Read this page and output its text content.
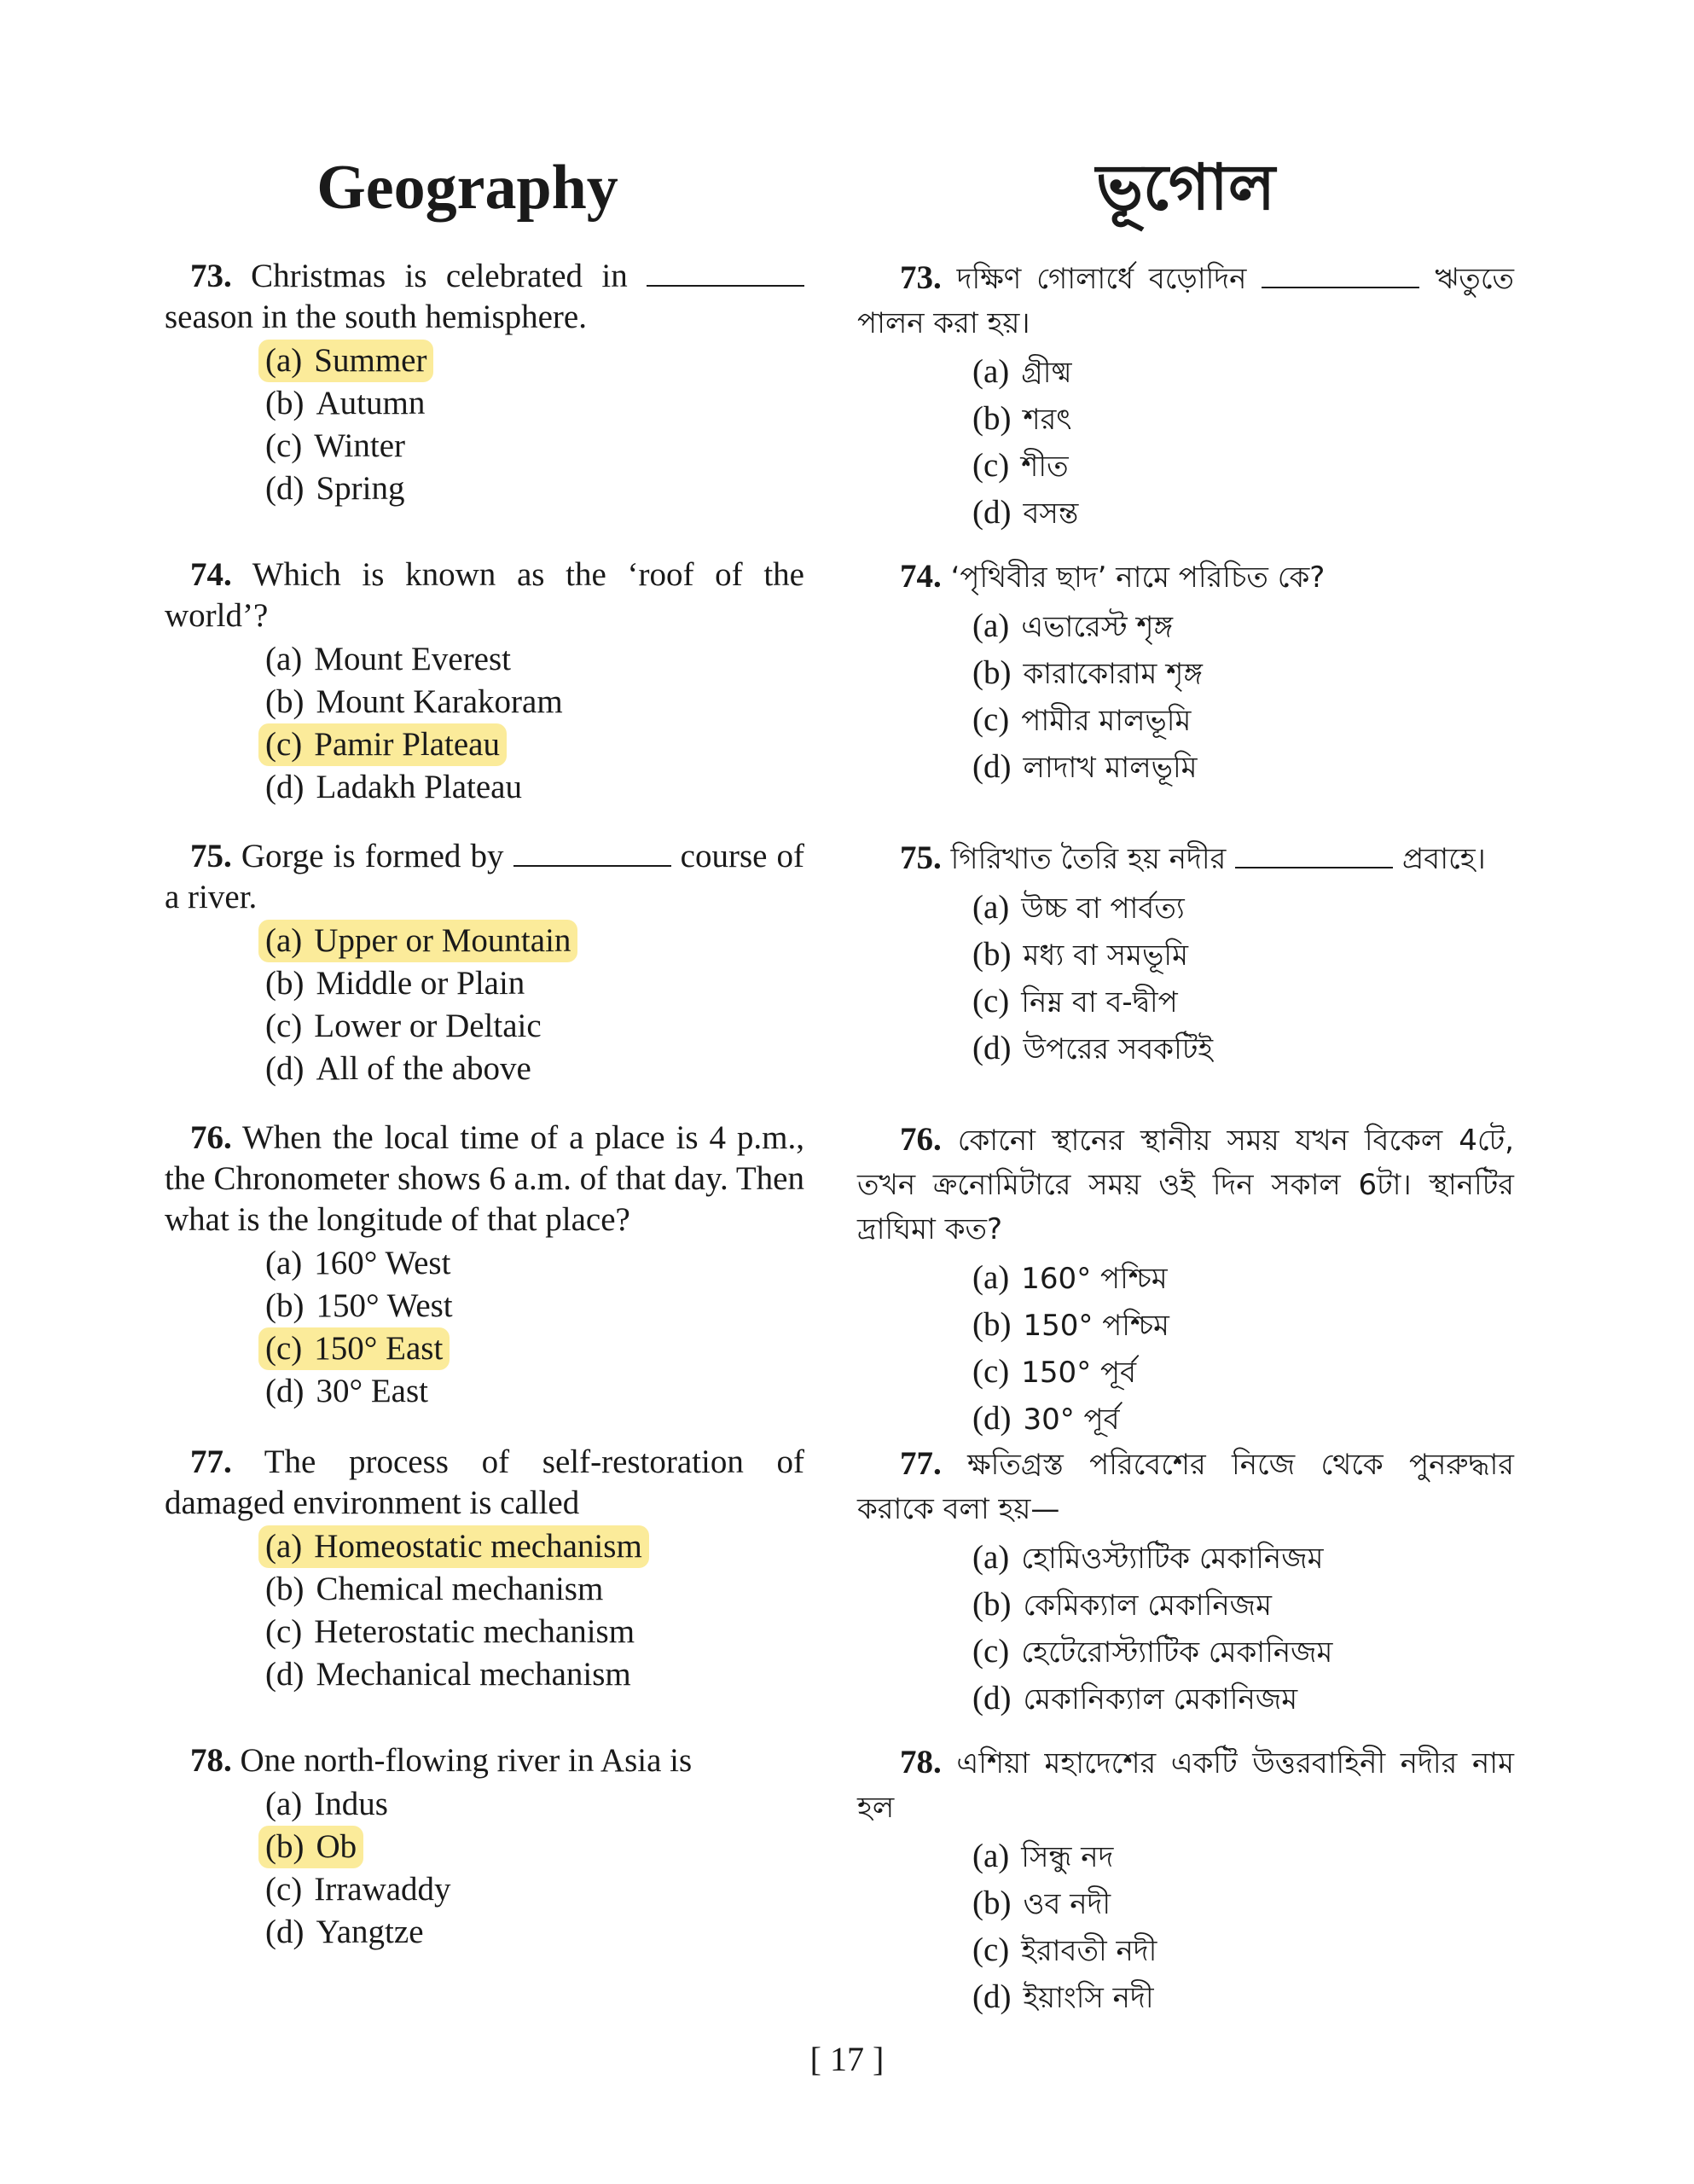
Geography

73. Christmas is celebrated in  season in the south hemisphere.

(a) Summer
(b) Autumn
(c) Winter
(d) Spring

74. Which is known as the ‘roof of the world’?

(a) Mount Everest
(b) Mount Karakoram
(c) Pamir Plateau
(d) Ladakh Plateau

75. Gorge is formed by	course of a river.

(a) Upper or Mountain
(b) Middle or Plain
(c) Lower or Deltaic
(d) All of the above

76. When the local time of a place is 4 p.m., the Chronometer shows 6 a.m. of that day. Then what is the longitude of that place?

(a) 160° West
(b) 150° West
(c) 150° East
(d) 30° East

77. The process of self-restoration of damaged environment is called

(a) Homeostatic mechanism
(b) Chemical mechanism
(c) Heterostatic mechanism
(d) Mechanical mechanism

78. One north-flowing river in Asia is

(a) Indus
(b) Ob
(c) Irrawaddy
(d) Yangtze
ভূগোল

73. দক্ষিণ গোলার্ধে বড়োদিন	ঋতুতে পালন করা হয়।

(a) গ্রীষ্ম
(b) শরৎ
(c) শীত
(d) বসন্ত

74. ‘পৃথিবীর ছাদ’ নামে পরিচিত কে?

(a) এভারেস্ট শৃঙ্গ
(b) কারাকোরাম শৃঙ্গ
(c) পামীর মালভূমি
(d) লাদাখ মালভূমি

75. গিরিখাত তৈরি হয় নদীর	প্রবাহে।

(a) উচ্চ বা পার্বত্য
(b) মধ্য বা সমভূমি
(c) নিম্ন বা ব-দ্বীপ
(d) উপরের সবকটিই

76. কোনো স্থানের স্থানীয় সময় যখন বিকেল 4টে, তখন ক্রনোমিটারে সময় ওই দিন সকাল 6টা। স্থানটির দ্রাঘিমা কত?

(a) 160° পশ্চিম
(b) 150° পশ্চিম
(c) 150° পূর্ব
(d) 30° পূর্ব

77. ক্ষতিগ্রস্ত পরিবেশের নিজে থেকে পুনরুদ্ধার করাকে বলা হয়—

(a) হোমিওস্ট্যাটিক মেকানিজম
(b) কেমিক্যাল মেকানিজম
(c) হেটেরোস্ট্যাটিক মেকানিজম
(d) মেকানিক্যাল মেকানিজম

78. এশিয়া মহাদেশের একটি উত্তরবাহিনী নদীর নাম হল

(a) সিন্ধু নদ
(b) ওব নদী
(c) ইরাবতী নদী
(d) ইয়াংসি নদী
[ 17 ]
